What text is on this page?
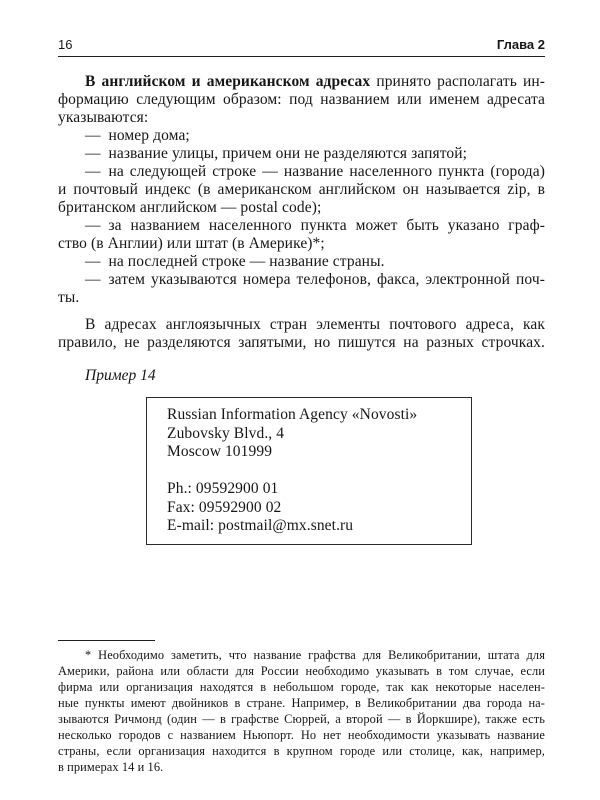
16	Глава 2
В английском и американском адресах принято располагать ин-
формацию следующим образом: под названием или именем адресата
указываются:
— номер дома;
— название улицы, причем они не разделяются запятой;
— на следующей строке — название населенного пункта (города)
и почтовый индекс (в американском английском он называется zip, в
британском английском — postal code);
— за названием населенного пункта может быть указано граф-
ство (в Англии) или штат (в Америке)*;
— на последней строке — название страны.
— затем указываются номера телефонов, факса, электронной поч-
ты.
В адресах англоязычных стран элементы почтового адреса, как
правило, не разделяются запятыми, но пишутся на разных строчках.
Пример 14
Russian Information Agency «Novosti»
Zubovsky Blvd., 4
Moscow 101999

Ph.: 09592900 01
Fax: 09592900 02
E-mail: postmail@mx.snet.ru
* Необходимо заметить, что название графства для Великобритании, штата для
Америки, района или области для России необходимо указывать в том случае, если
фирма или организация находятся в небольшом городе, так как некоторые населен-
ные пункты имеют двойников в стране. Например, в Великобритании два города на-
зываются Ричмонд (один — в графстве Сюррей, а второй — в Йоркшире), также есть
несколько городов с названием Ньюпорт. Но нет необходимости указывать название
страны, если организация находится в крупном городе или столице, как, например,
в примерах 14 и 16.
